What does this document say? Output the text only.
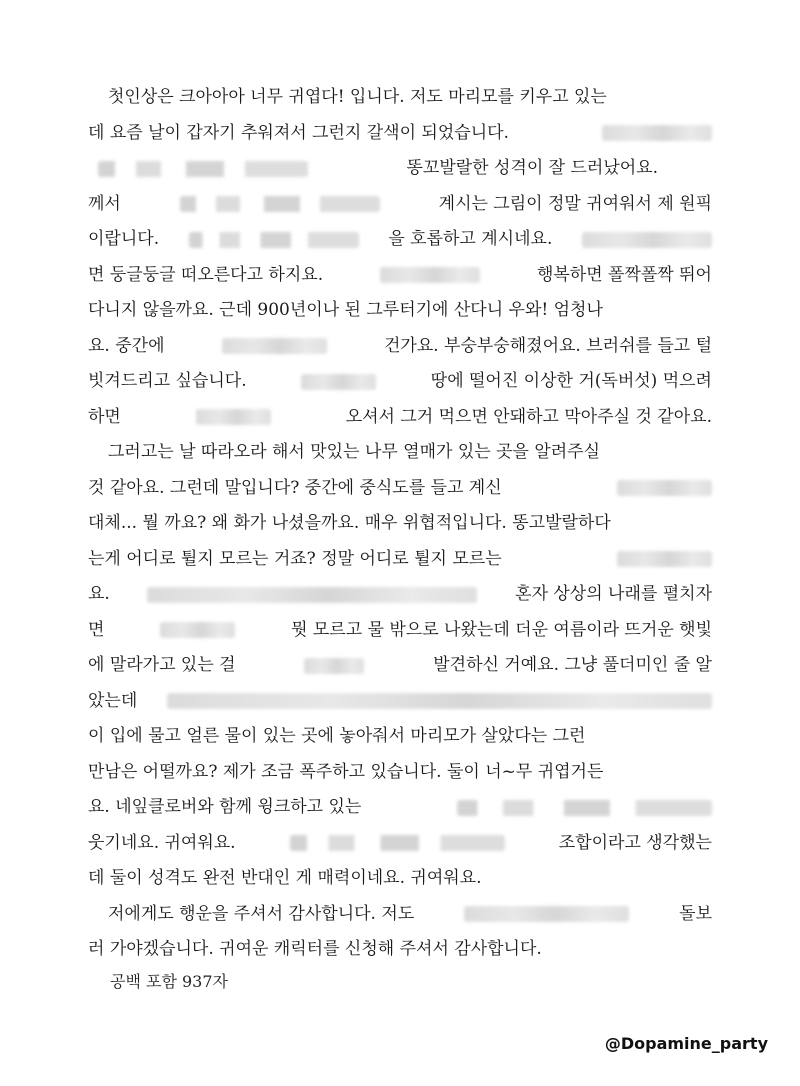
첫인상은 크아아아 너무 귀엽다! 입니다. 저도 마리모를 키우고 있는
데 요즘 날이 갑자기 추워져서 그런지 갈색이 되었습니다.
똥꼬발랄한 성격이 잘 드러났어요.
께서	계시는 그림이 정말 귀여워서 제 원픽
이랍니다.	을 호롭하고 계시네요.
면 둥글둥글 떠오른다고 하지요.	행복하면 폴짝폴짝 뛰어
다니지 않을까요. 근데 900년이나 된 그루터기에 산다니 우와! 엄청나
요. 중간에	건가요. 부숭부숭해졌어요. 브러쉬를 들고 털
빗겨드리고 싶습니다.	땅에 떨어진 이상한 거(독버섯) 먹으려
하면	오셔서 그거 먹으면 안돼하고 막아주실 것 같아요.
그러고는 날 따라오라 해서 맛있는 나무 열매가 있는 곳을 알려주실
것 같아요. 그런데 말입니다? 중간에 중식도를 들고 계신
대체... 뭘 까요? 왜 화가 나셨을까요. 매우 위협적입니다. 똥고발랄하다
는게 어디로 튈지 모르는 거죠? 정말 어디로 튈지 모르는
요.	혼자 상상의 나래를 펼치자
면	뭣 모르고 물 밖으로 나왔는데 더운 여름이라 뜨거운 햇빛
에 말라가고 있는 걸	발견하신 거예요. 그냥 풀더미인 줄 알
았는데
이 입에 물고 얼른 물이 있는 곳에 놓아줘서 마리모가 살았다는 그런
만남은 어떨까요? 제가 조금 폭주하고 있습니다. 둘이 너~무 귀엽거든
요. 네잎클로버와 함께 윙크하고 있는
웃기네요. 귀여워요.	조합이라고 생각했는
데 둘이 성격도 완전 반대인 게 매력이네요. 귀여워요.
저에게도 행운을 주셔서 감사합니다. 저도	돌보
러 가야겠습니다. 귀여운 캐릭터를 신청해 주셔서 감사합니다.
공백 포함 937자
@Dopamine_party
